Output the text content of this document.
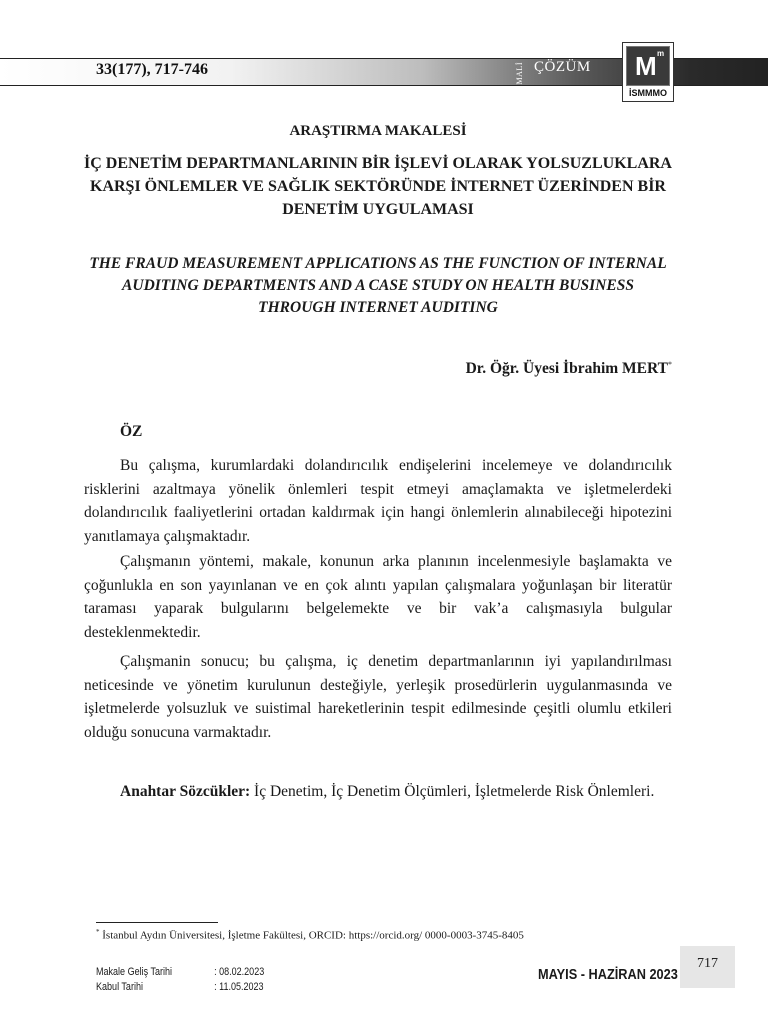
33(177), 717-746	MALİ ÇÖZÜM M m
İSMMMO
ARAŞTIRMA MAKALESİ
İÇ DENETİM DEPARTMANLARININ BİR İŞLEVİ OLARAK YOLSUZLUKLARA KARŞI ÖNLEMLER VE SAĞLIK SEKTÖRÜNDE İNTERNET ÜZERİNDEN BİR DENETİM UYGULAMASI
THE FRAUD MEASUREMENT APPLICATIONS AS THE FUNCTION OF INTERNAL AUDITING DEPARTMENTS AND A CASE STUDY ON HEALTH BUSINESS THROUGH INTERNET AUDITING
Dr. Öğr. Üyesi İbrahim MERT*
ÖZ

Bu çalışma, kurumlardaki dolandırıcılık endişelerini incelemeye ve dolandırıcılık risklerini azaltmaya yönelik önlemleri tespit etmeyi amaçlamakta ve işletmelerdeki dolandırıcılık faaliyetlerini ortadan kaldırmak için hangi önlemlerin alınabileceği hipotezini yanıtlamaya çalışmaktadır.

Çalışmanın yöntemi, makale, konunun arka planının incelenmesiyle başlamakta ve çoğunlukla en son yayınlanan ve en çok alıntı yapılan çalışmalara yoğunlaşan bir literatür taraması yaparak bulgularını belgelemekte ve bir vak’a calışmasıyla bulgular desteklenmektedir.

Çalışmanin sonucu; bu çalışma, iç denetim departmanlarının iyi yapılandırılması neticesinde ve yönetim kurulunun desteğiyle, yerleşik prosedürlerin uygulanmasında ve işletmelerde yolsuzluk ve suistimal hareketlerinin tespit edilmesinde çeşitli olumlu etkileri olduğu sonucuna varmaktadır.

Anahtar Sözcükler: İç Denetim, İç Denetim Ölçümleri, İşletmelerde Risk Önlemleri.

* İstanbul Aydın Üniversitesi, İşletme Fakültesi, ORCID: https://orcid.org/ 0000-0003-3745-8405
Makale Geliş Tarihi	: 08.02.2023
Kabul Tarihi	: 11.05.2023
MAYIS - HAZİRAN 2023
717
